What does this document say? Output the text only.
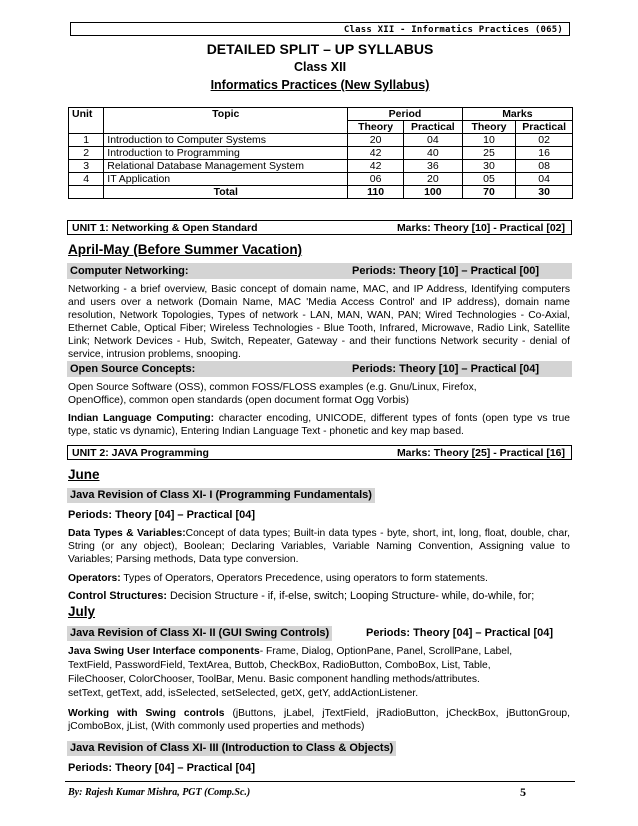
Class XII - Informatics Practices (065)
DETAILED SPLIT – UP SYLLABUS
Class XII
Informatics Practices (New Syllabus)
Unit	Topic	Period		Marks	
		Theory	Practical	Theory	Practical
1	Introduction to Computer Systems	20	04	10	02
2	Introduction to Programming	42	40	25	16
3	Relational Database Management System	42	36	30	08
4	IT Application	06	20	05	04
	Total	110	100	70	30
UNIT 1: Networking & Open Standard	Marks: Theory [10] - Practical [02]
April-May (Before Summer Vacation)
Computer Networking:	Periods: Theory [10] – Practical [00]
Networking - a brief overview, Basic concept of domain name, MAC, and IP Address, Identifying computers and users over a network (Domain Name, MAC 'Media Access Control' and IP address), domain name resolution, Network Topologies, Types of network - LAN, MAN, WAN, PAN; Wired Technologies - Co-Axial, Ethernet Cable, Optical Fiber; Wireless Technologies - Blue Tooth, Infrared, Microwave, Radio Link, Satellite Link; Network Devices - Hub, Switch, Repeater, Gateway - and their functions Network security - denial of service, intrusion problems, snooping.
Open Source Concepts:	Periods: Theory [10] – Practical [04]
Open Source Software (OSS), common FOSS/FLOSS examples (e.g. Gnu/Linux, Firefox,
OpenOffice), common open standards (open document format Ogg Vorbis)
Indian Language Computing: character encoding, UNICODE, different types of fonts (open type vs true type, static vs dynamic), Entering Indian Language Text - phonetic and key map based.
UNIT 2: JAVA Programming	Marks: Theory [25] - Practical [16]
June
Java Revision of Class XI- I (Programming Fundamentals)
Periods: Theory [04] – Practical [04]
Data Types & Variables:Concept of data types; Built-in data types - byte, short, int, long, float, double, char, String (or any object), Boolean; Declaring Variables, Variable Naming Convention, Assigning value to Variables; Parsing methods, Data type conversion.
Operators: Types of Operators, Operators Precedence, using operators to form statements.
Control Structures: Decision Structure - if, if-else, switch; Looping Structure- while, do-while, for;
July
Java Revision of Class XI- II (GUI Swing Controls)	Periods: Theory [04] – Practical [04]
Java Swing User Interface components- Frame, Dialog, OptionPane, Panel, ScrollPane, Label,
TextField, PasswordField, TextArea, Buttob, CheckBox, RadioButton, ComboBox, List, Table,
FileChooser, ColorChooser, ToolBar, Menu. Basic component handling methods/attributes.
setText, getText, add, isSelected, setSelected, getX, getY, addActionListener.
Working with Swing controls (jButtons, jLabel, jTextField, jRadioButton, jCheckBox, jButtonGroup, jComboBox, jList, (With commonly used properties and methods)
Java Revision of Class XI- III (Introduction to Class & Objects)
Periods: Theory [04] – Practical [04]
By: Rajesh Kumar Mishra, PGT (Comp.Sc.)	5
